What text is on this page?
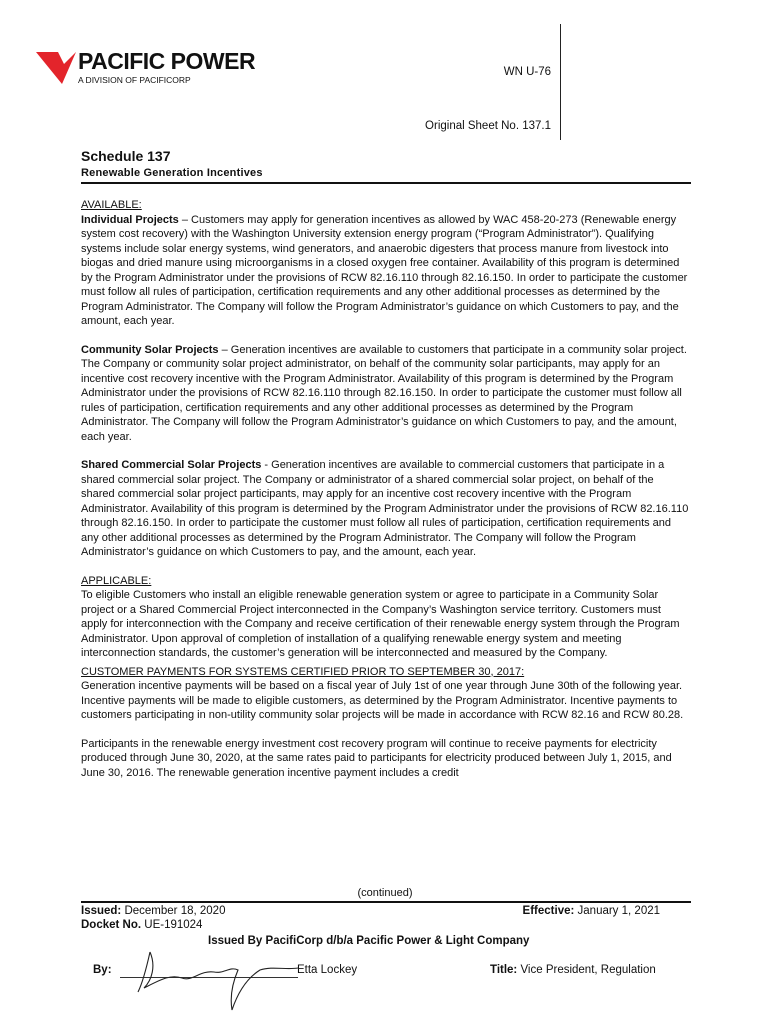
PACIFIC POWER
A DIVISION OF PACIFICORP
WN U-76
Original Sheet No. 137.1
Schedule 137
Renewable Generation Incentives

AVAILABLE:

Individual Projects – Customers may apply for generation incentives as allowed by WAC 458-20-273 (Renewable energy system cost recovery) with the Washington University extension energy program (“Program Administrator”). Qualifying systems include solar energy systems, wind generators, and anaerobic digesters that process manure from livestock into biogas and dried manure using microorganisms in a closed oxygen free container. Availability of this program is determined by the Program Administrator under the provisions of RCW 82.16.110 through 82.16.150. In order to participate the customer must follow all rules of participation, certification requirements and any other additional processes as determined by the Program Administrator. The Company will follow the Program Administrator’s guidance on which Customers to pay, and the amount, each year.

Community Solar Projects – Generation incentives are available to customers that participate in a community solar project. The Company or community solar project administrator, on behalf of the community solar participants, may apply for an incentive cost recovery incentive with the Program Administrator. Availability of this program is determined by the Program Administrator under the provisions of RCW 82.16.110 through 82.16.150. In order to participate the customer must follow all rules of participation, certification requirements and any other additional processes as determined by the Program Administrator. The Company will follow the Program Administrator’s guidance on which Customers to pay, and the amount, each year.

Shared Commercial Solar Projects - Generation incentives are available to commercial customers that participate in a shared commercial solar project. The Company or administrator of a shared commercial solar project, on behalf of the shared commercial solar project participants, may apply for an incentive cost recovery incentive with the Program Administrator. Availability of this program is determined by the Program Administrator under the provisions of RCW 82.16.110 through 82.16.150. In order to participate the customer must follow all rules of participation, certification requirements and any other additional processes as determined by the Program Administrator. The Company will follow the Program Administrator’s guidance on which Customers to pay, and the amount, each year.

APPLICABLE:

To eligible Customers who install an eligible renewable generation system or agree to participate in a Community Solar project or a Shared Commercial Project interconnected in the Company’s Washington service territory. Customers must apply for interconnection with the Company and receive certification of their renewable energy system through the Program Administrator. Upon approval of completion of installation of a qualifying renewable energy system and meeting interconnection standards, the customer’s generation will be interconnected and measured by the Company.

CUSTOMER PAYMENTS FOR SYSTEMS CERTIFIED PRIOR TO SEPTEMBER 30, 2017:

Generation incentive payments will be based on a fiscal year of July 1st of one year through June 30th of the following year. Incentive payments will be made to eligible customers, as determined by the Program Administrator. Incentive payments to customers participating in non-utility community solar projects will be made in accordance with RCW 82.16 and RCW 80.28.

Participants in the renewable energy investment cost recovery program will continue to receive payments for electricity produced through June 30, 2020, at the same rates paid to participants for electricity produced between July 1, 2015, and June 30, 2016. The renewable generation incentive payment includes a credit

(continued)
Issued: December 18, 2020	Effective: January 1, 2021
Docket No. UE-191024
Issued By PacifiCorp d/b/a Pacific Power & Light Company
By:	Etta Lockey	Title: Vice President, Regulation
